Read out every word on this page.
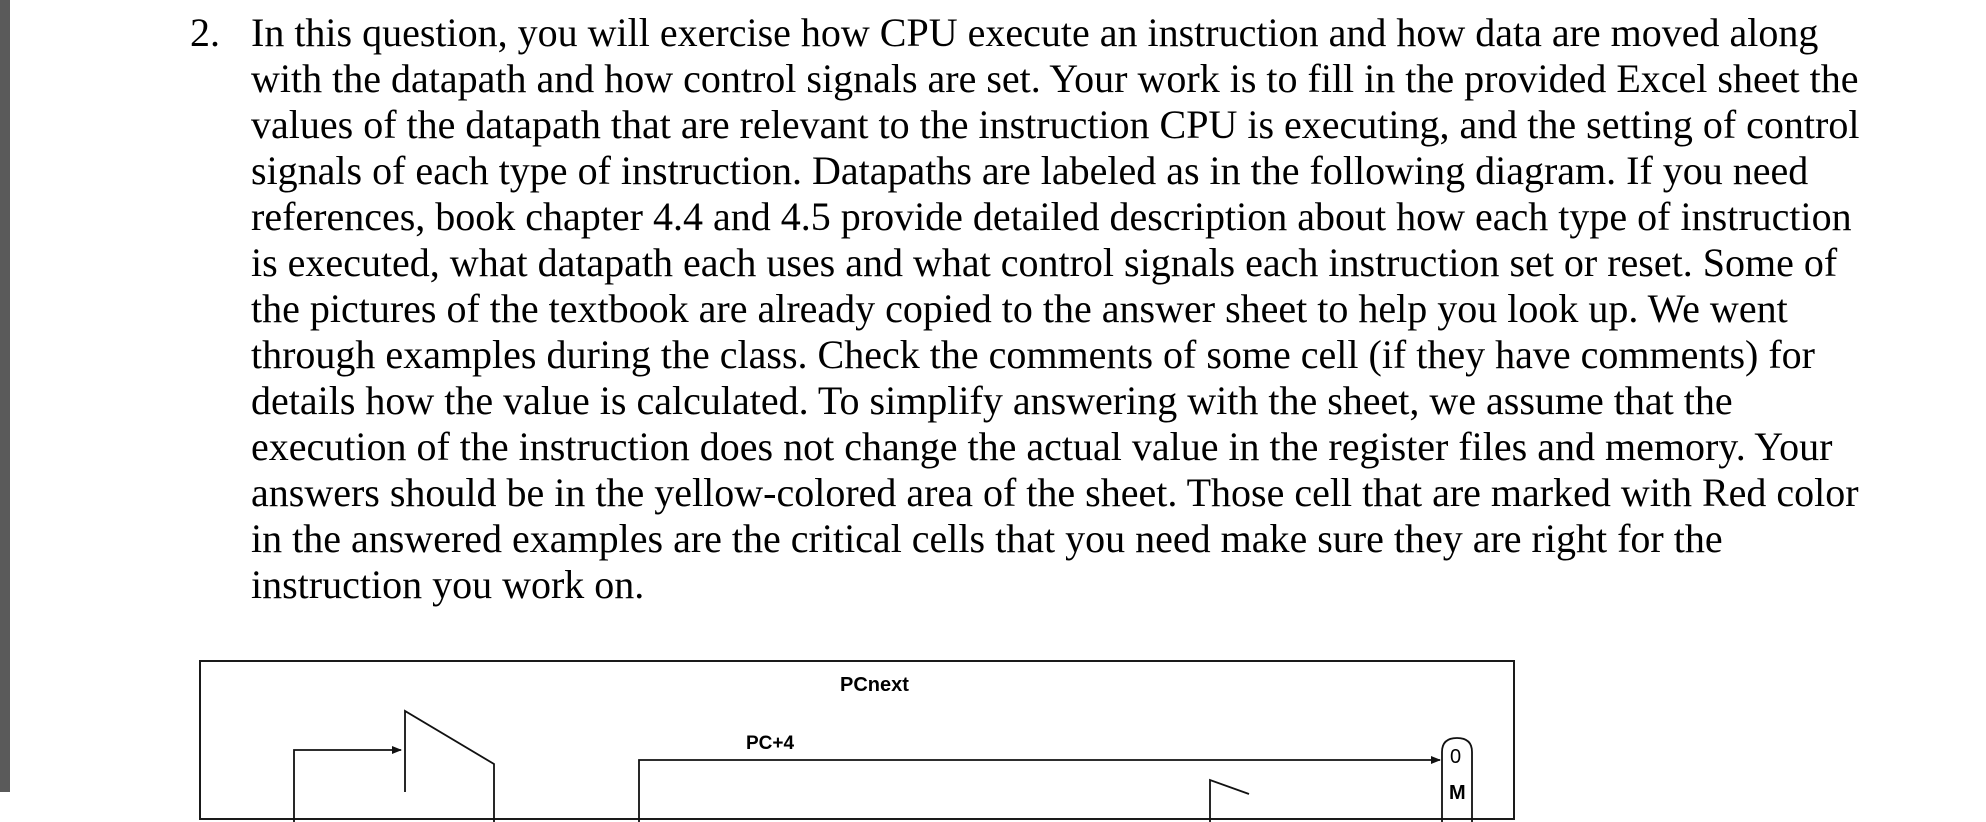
2. In this question, you will exercise how CPU execute an instruction and how data are moved along
with the datapath and how control signals are set. Your work is to fill in the provided Excel sheet the
values of the datapath that are relevant to the instruction CPU is executing, and the setting of control
signals of each type of instruction. Datapaths are labeled as in the following diagram. If you need
references, book chapter 4.4 and 4.5 provide detailed description about how each type of instruction
is executed, what datapath each uses and what control signals each instruction set or reset. Some of
the pictures of the textbook are already copied to the answer sheet to help you look up. We went
through examples during the class. Check the comments of some cell (if they have comments) for
details how the value is calculated. To simplify answering with the sheet, we assume that the
execution of the instruction does not change the actual value in the register files and memory. Your
answers should be in the yellow-colored area of the sheet. Those cell that are marked with Red color
in the answered examples are the critical cells that you need make sure they are right for the
instruction you work on.
PCnext
PC+4
0
M
